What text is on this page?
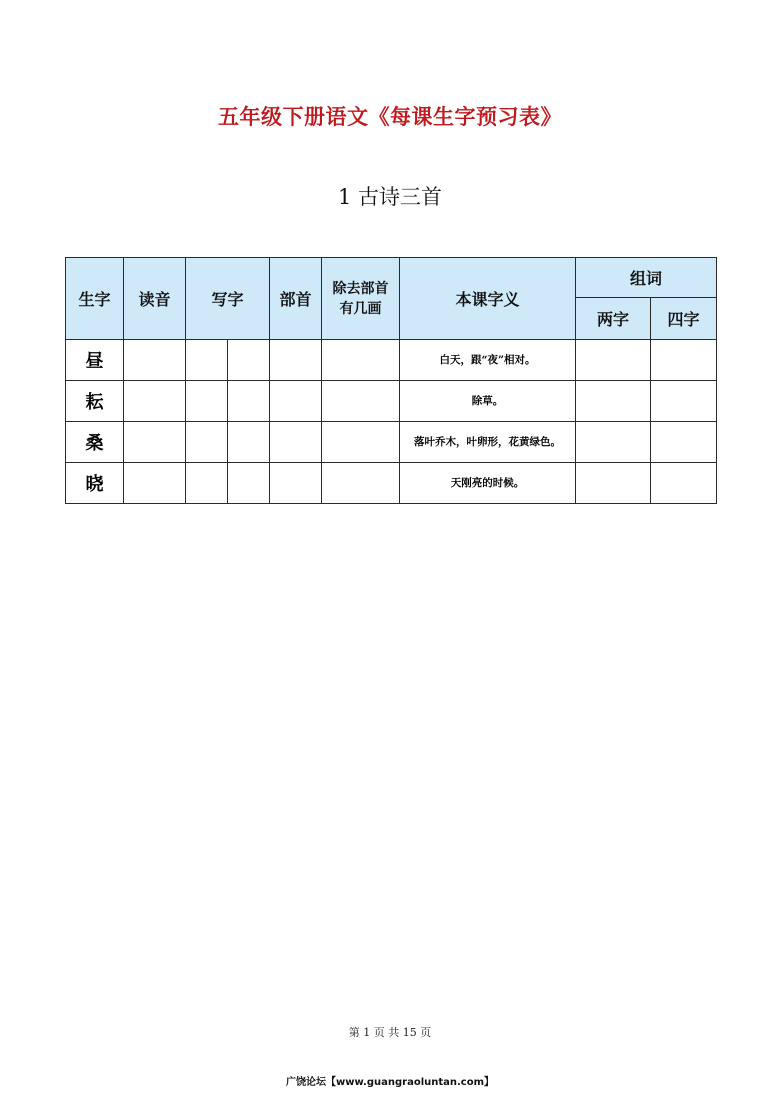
五年级下册语文《每课生字预习表》
1 古诗三首
生字	读音	写字		部首	除去部首有几画	本课字义	组词	
							两字	四字
昼						白天，跟“夜”相对。		
耘						除草。		
桑						落叶乔木，叶卵形，花黄绿色。		
晓						天刚亮的时候。		
第 1 页 共 15 页
广饶论坛【www.guangraoluntan.com】
